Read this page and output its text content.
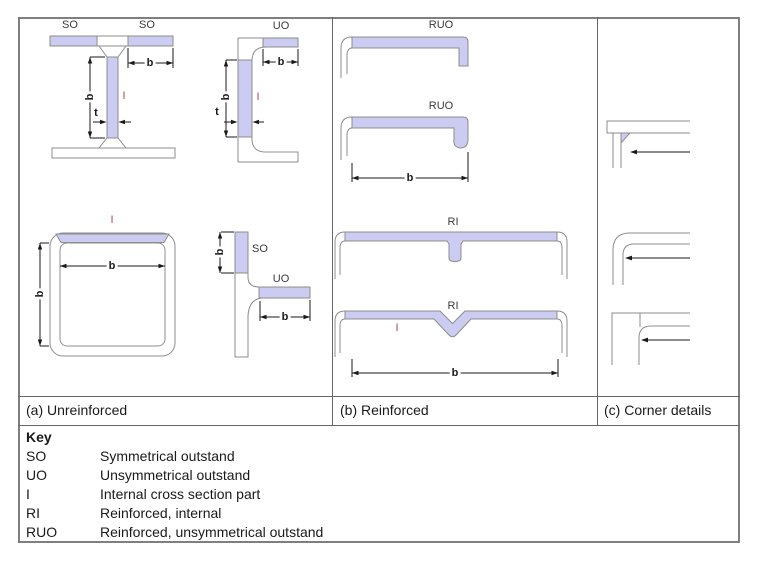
SO	SO
b
b
t
I
UO
b
b
t
I
I
b
b
SO
b
UO
b
RUO
RUO
b
RI
RI
I
b
(a) Unreinforced	(b) Reinforced	(c) Corner details
Key
SO	Symmetrical outstand
UO	Unsymmetrical outstand
I	Internal cross section part
RI	Reinforced, internal
RUO	Reinforced, unsymmetrical outstand
